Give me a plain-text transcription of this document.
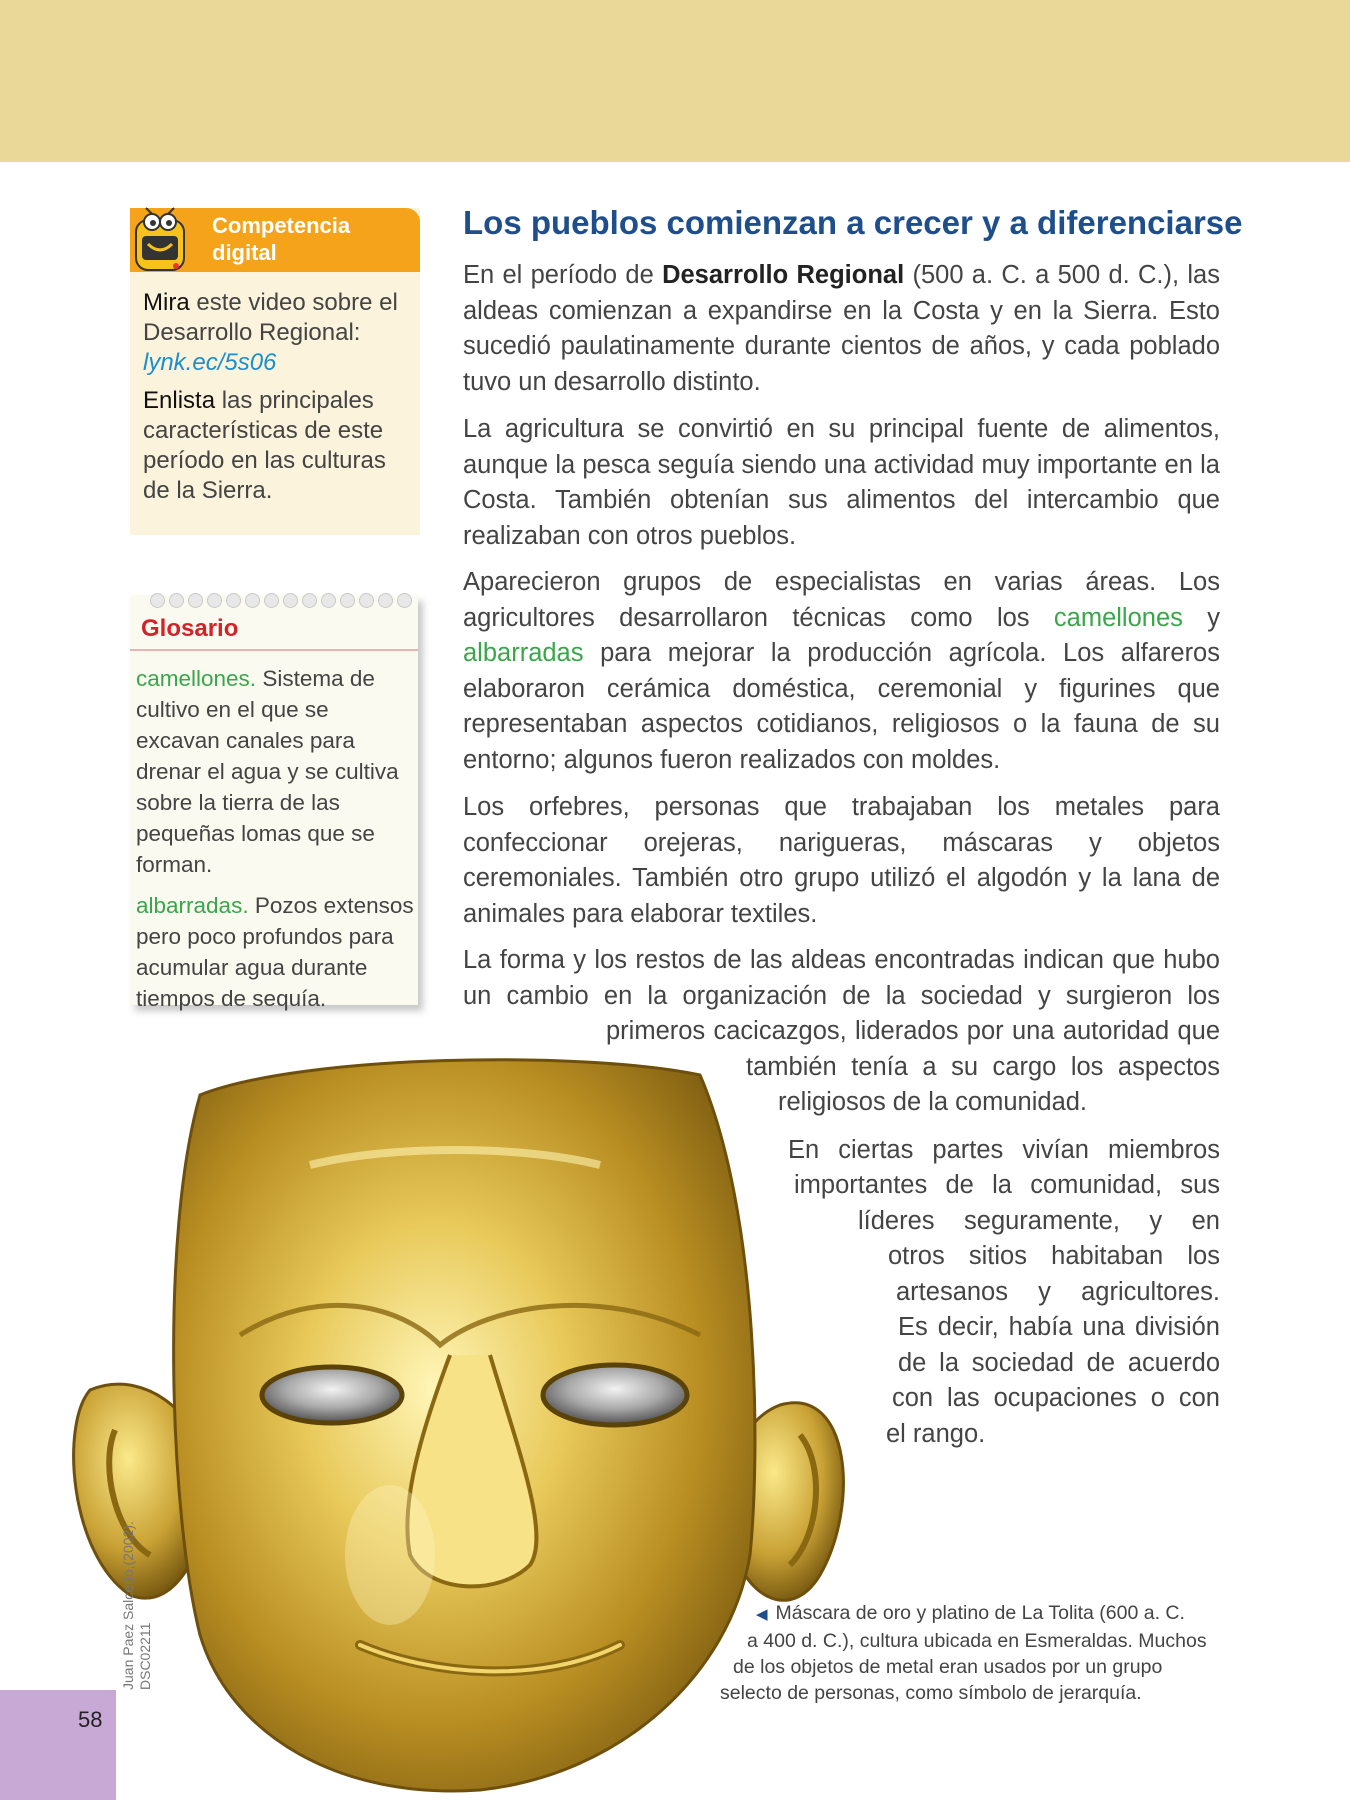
Competencia
digital

Mira este video sobre el Desarrollo Regional:
lynk.ec/5s06

Enlista las principales características de este período en las culturas de la Sierra.

Glosario

camellones. Sistema de cultivo en el que se excavan canales para drenar el agua y se cultiva sobre la tierra de las pequeñas lomas que se forman.

albarradas. Pozos extensos pero poco profundos para acumular agua durante tiempos de sequía.

Los pueblos comienzan a crecer y a diferenciarse

En el período de Desarrollo Regional (500 a. C. a 500 d. C.), las aldeas comienzan a expandirse en la Costa y en la Sierra. Esto sucedió paulatinamente durante cientos de años, y cada poblado tuvo un desarrollo distinto.

La agricultura se convirtió en su principal fuente de alimentos, aunque la pesca seguía siendo una actividad muy importante en la Costa. También obtenían sus alimentos del intercambio que realizaban con otros pueblos.

Aparecieron grupos de especialistas en varias áreas. Los agricultores desarrollaron técnicas como los camellones y albarradas para mejorar la producción agrícola. Los alfareros elaboraron cerámica doméstica, ceremonial y figurines que representaban aspectos cotidianos, religiosos o la fauna de su entorno; algunos fueron realizados con moldes.

Los orfebres, personas que trabajaban los metales para confeccionar orejeras, narigueras, máscaras y objetos ceremoniales. También otro grupo utilizó el algodón y la lana de animales para elaborar textiles.

La forma y los restos de las aldeas encontradas indican que hubo
un cambio en la organización de la sociedad y surgieron los
primeros cacicazgos, liderados por una autoridad que
también tenía a su cargo los aspectos
religiosos de la comunidad.
En ciertas partes vivían miembros
importantes de la comunidad, sus
líderes seguramente, y en
otros sitios habitaban los
artesanos y agricultores.
Es decir, había una división
de la sociedad de acuerdo
con las ocupaciones o con
el rango.
Juan Paez Salcedo,(2002). DSC02211
◀ Máscara de oro y platino de La Tolita (600 a. C.
a 400 d. C.), cultura ubicada en Esmeraldas. Muchos
de los objetos de metal eran usados por un grupo
selecto de personas, como símbolo de jerarquía.
58
